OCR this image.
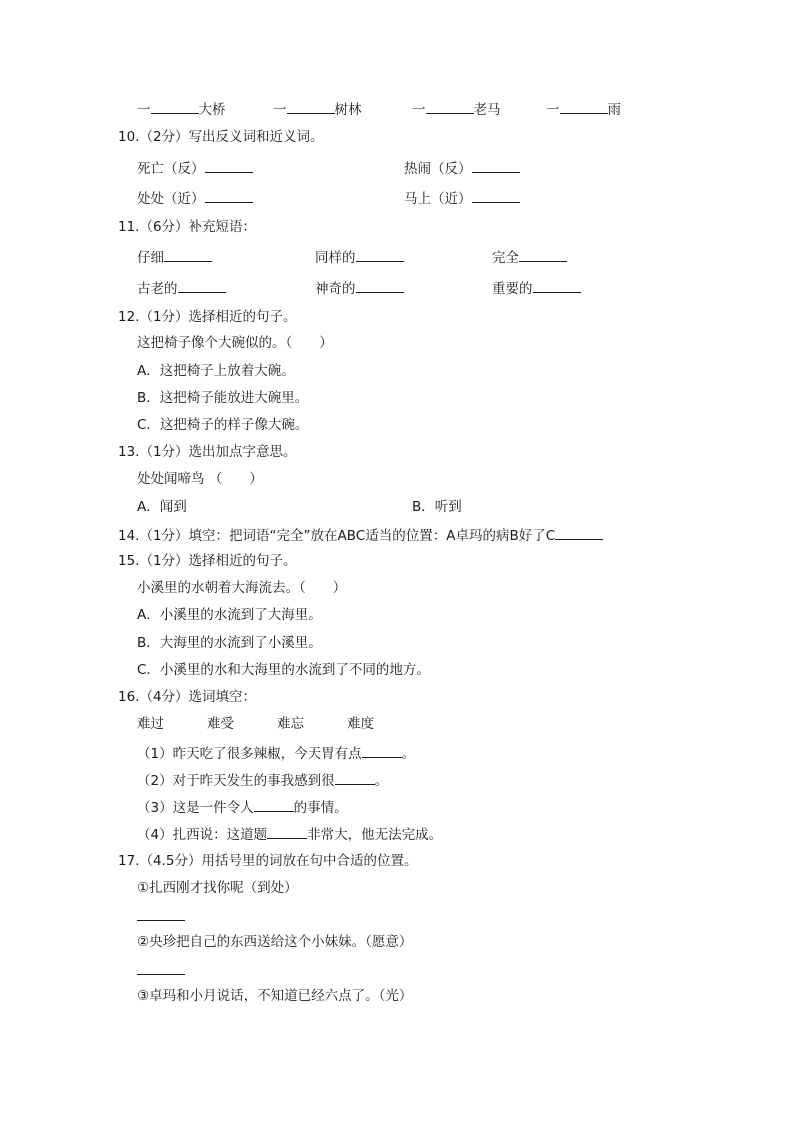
一	大桥	一	树林	一	老马	一	雨
10.（2分）写出反义词和近义词。
死亡（反）	热闹（反）
处处（近）	马上（近）
11.（6分）补充短语：
仔细	同样的	完全
古老的	神奇的	重要的
12.（1分）选择相近的句子。
这把椅子像个大碗似的。（　　）
A．这把椅子上放着大碗。
B．这把椅子能放进大碗里。
C．这把椅子的样子像大碗。
13.（1分）选出加点字意思。
处处闻啼鸟 （　　）
A．闻到	B．听到
14.（1分）填空：把词语“完全”放在ABC适当的位置：A卓玛的病B好了C
15.（1分）选择相近的句子。
小溪里的水朝着大海流去。（　　）
A．小溪里的水流到了大海里。
B．大海里的水流到了小溪里。
C．小溪里的水和大海里的水流到了不同的地方。
16.（4分）选词填空：
难过	难受	难忘	难度
（1）昨天吃了很多辣椒，今天胃有点	。
（2）对于昨天发生的事我感到很	。
（3）这是一件令人	的事情。
（4）扎西说：这道题	非常大，他无法完成。
17.（4.5分）用括号里的词放在句中合适的位置。
①扎西刚才找你呢（到处）
②央珍把自己的东西送给这个小妹妹。（愿意）
③卓玛和小月说话，不知道已经六点了。（光）
